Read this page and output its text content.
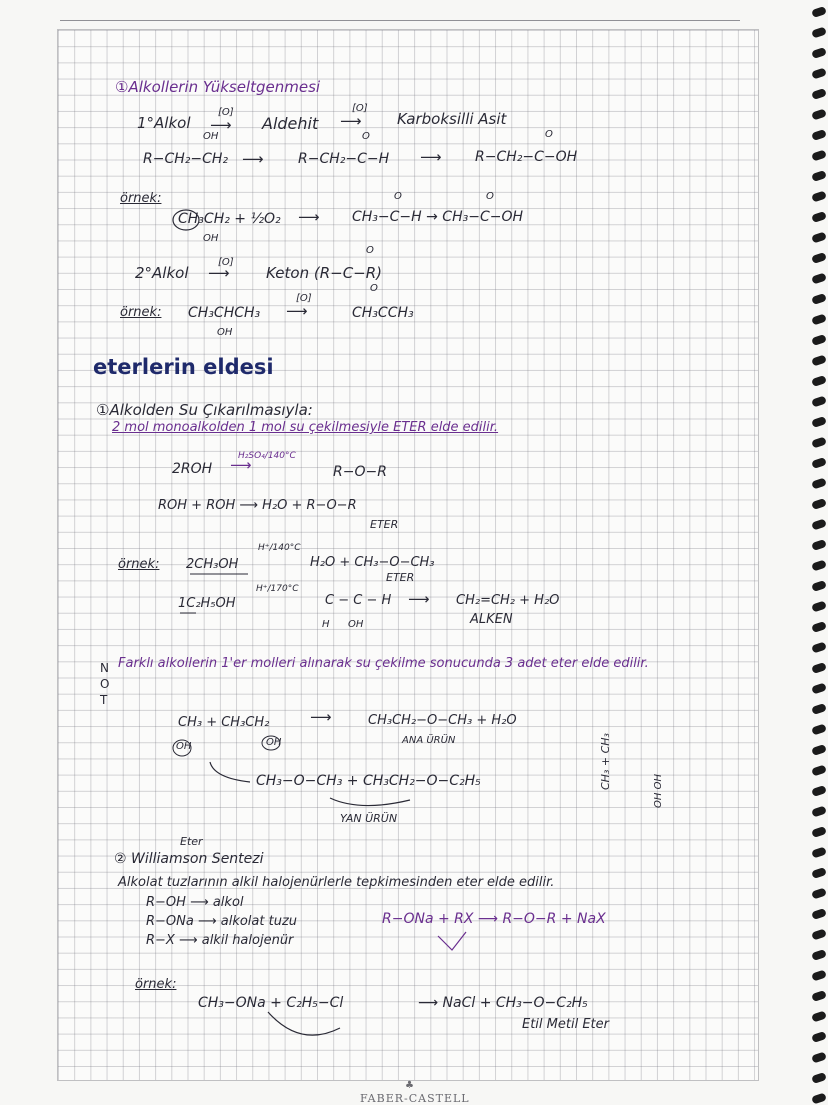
①Alkollerin Yükseltgenmesi
1°Alkol
[O]
⟶ Aldehit
[O]
⟶ Karboksilli Asit
OH	O	O
R−CH₂−CH₂ ⟶ R−CH₂−C−H ⟶ R−CH₂−C−OH
örnek:
CH₃CH₂ + ½O₂
OH
⟶
O	O
CH₃−C−H → CH₃−C−OH
2°Alkol
[O]
⟶
O
Keton (R−C−R)
örnek: CH₃CHCH₃
OH
[O]
⟶
O
CH₃CCH₃
eterlerin eldesi
①Alkolden Su Çıkarılmasıyla:
2 mol monoalkolden 1 mol su çekilmesiyle ETER elde edilir.
H₂SO₄/140°C
⟶
2ROH	R−O−R
ROH + ROH ⟶ H₂O + R−O−R
ETER
örnek: 2CH₃OH
H⁺/140°C
H₂O + CH₃−O−CH₃
ETER
1C₂H₅OH
H⁺/170°C
C − C − H
H OH
⟶ CH₂=CH₂ + H₂O
ALKEN
NOT
Farklı alkollerin 1'er molleri alınarak su çekilme sonucunda 3 adet eter elde edilir.
CH₃ + CH₃CH₂
OH	OH
⟶	CH₃CH₂−O−CH₃ + H₂O
ANA ÜRÜN
CH₃−O−CH₃ + CH₃CH₂−O−C₂H₅
YAN ÜRÜN
CH₃ + CH₃
OH OH
Eter
② Williamson Sentezi
Alkolat tuzlarının alkil halojenürlerle tepkimesinden eter elde edilir.
R−OH ⟶ alkol
R−ONa ⟶ alkolat tuzu
R−X ⟶ alkil halojenür
R−ONa + RX ⟶ R−O−R + NaX
örnek:
CH₃−ONa + C₂H₅−Cl	⟶ NaCl + CH₃−O−C₂H₅
Etil Metil Eter
♣
FABER-CASTELL
